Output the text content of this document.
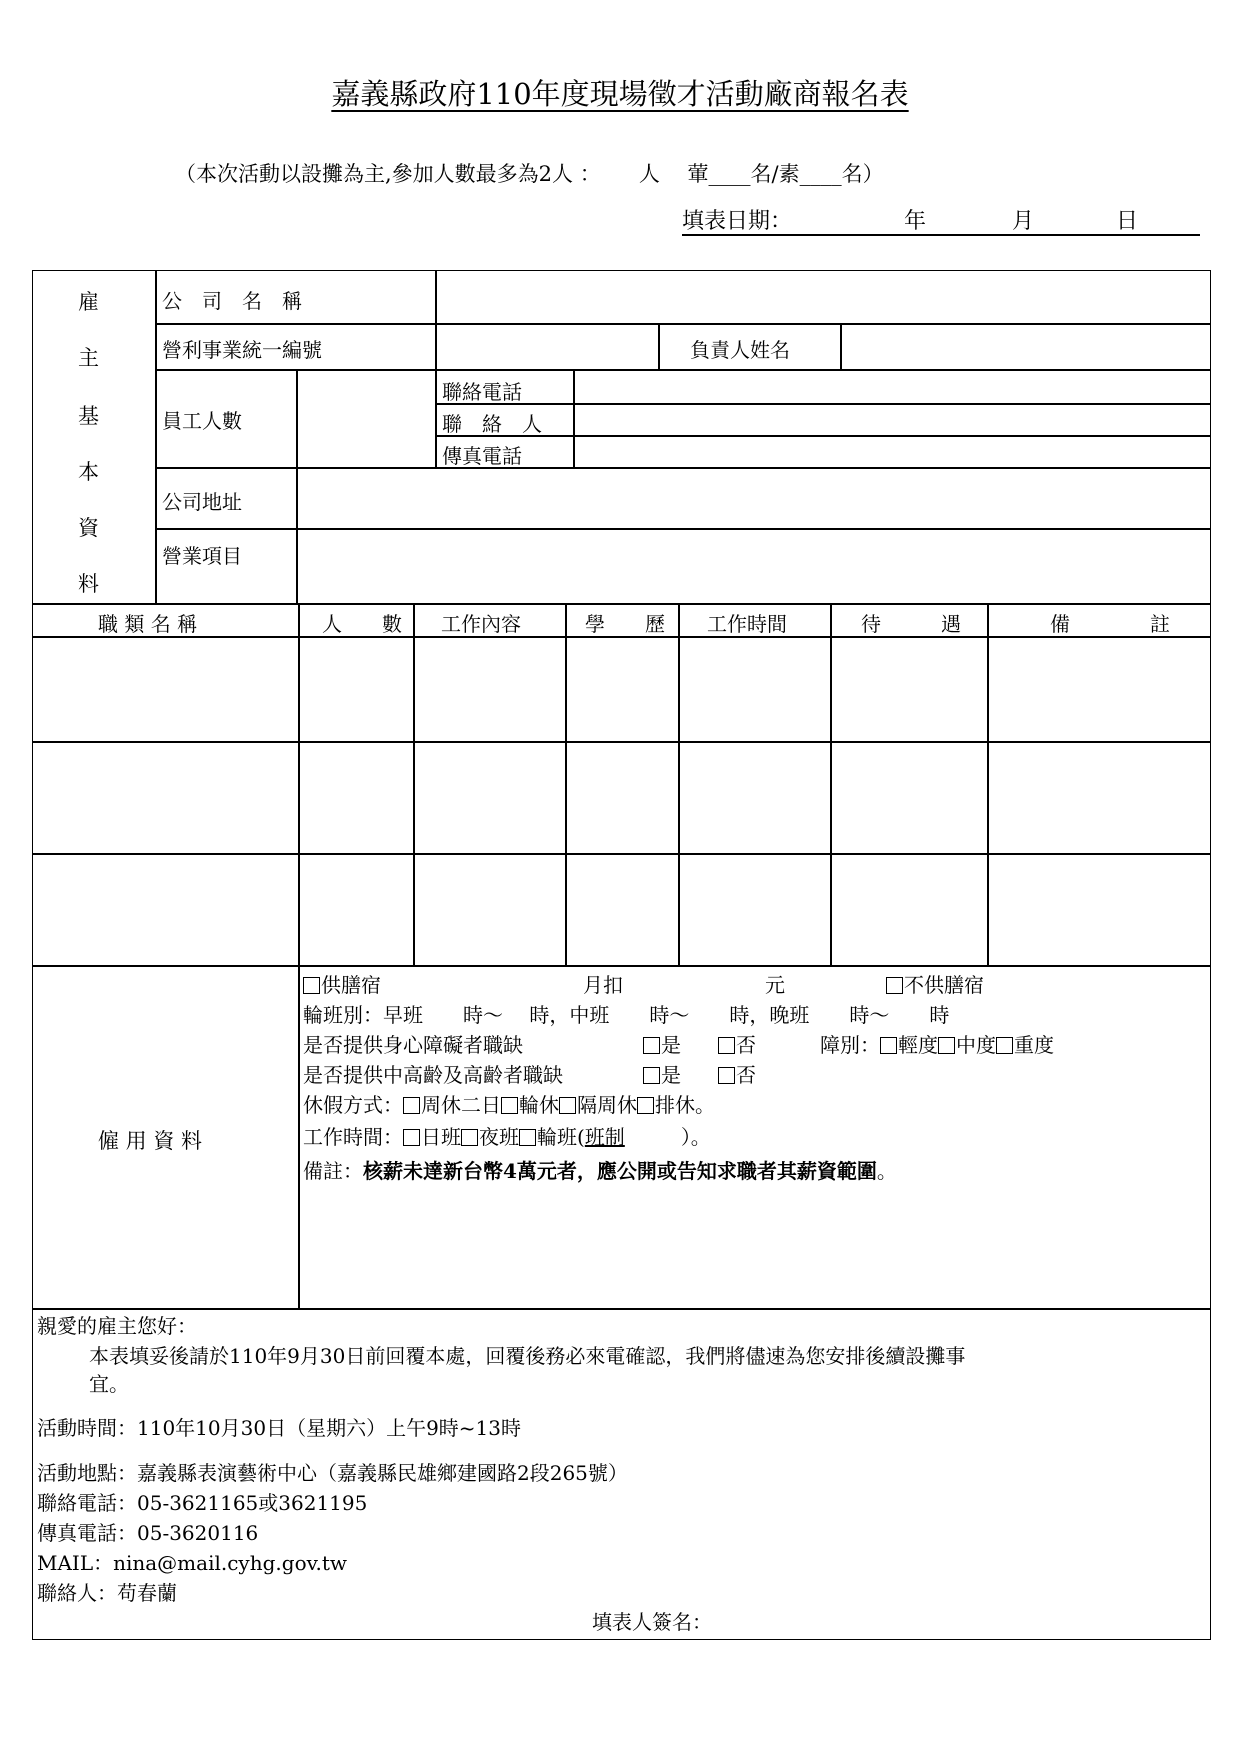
嘉義縣政府110年度現場徵才活動廠商報名表
（本次活動以設攤為主,參加人數最多為2人 ：　　 人　 葷____名/素____名）
填表日期：	年	月	日
雇
主
基
本
資
料
公　司　名　稱
營利事業統一編號	負責人姓名
員工人數
聯絡電話
聯　絡　人
傳真電話
公司地址
營業項目
職 類 名 稱	人　　數 工作內容	學　　歷 工作時間	待　　　遇	備　　　　註
僱 用 資 料
供膳宿	月扣	元	不供膳宿
輪班別：早班　　時～　 時，中班　　時～　　時，晚班　　時～　　時
是否提供身心障礙者職缺	是	否	障別： 輕度 中度 重度
是否提供中高齡及高齡者職缺	是	否
休假方式： 周休二日 輪休 隔周休 排休。
工作時間： 日班 夜班 輪班(班制	）。
備註：核薪未達新台幣4萬元者，應公開或告知求職者其薪資範圍。
親愛的雇主您好：
本表填妥後請於110年9月30日前回覆本處，回覆後務必來電確認，我們將儘速為您安排後續設攤事
宜。
活動時間：110年10月30日（星期六）上午9時~13時
活動地點：嘉義縣表演藝術中心（嘉義縣民雄鄉建國路2段265號）
聯絡電話：05-3621165或3621195
傳真電話：05-3620116
MAIL：nina@mail.cyhg.gov.tw
聯絡人：苟春蘭
填表人簽名：
